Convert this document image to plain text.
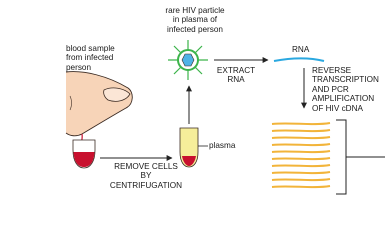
rare HIV particle
in plasma of
infected person
blood sample
from infected
person	EXTRACT
RNA
RNA
REVERSE
TRANSCRIPTION
AND PCR
AMPLIFICATION
OF HIV cDNA
plasma
REMOVE CELLS
BY
CENTRIFUGATION
